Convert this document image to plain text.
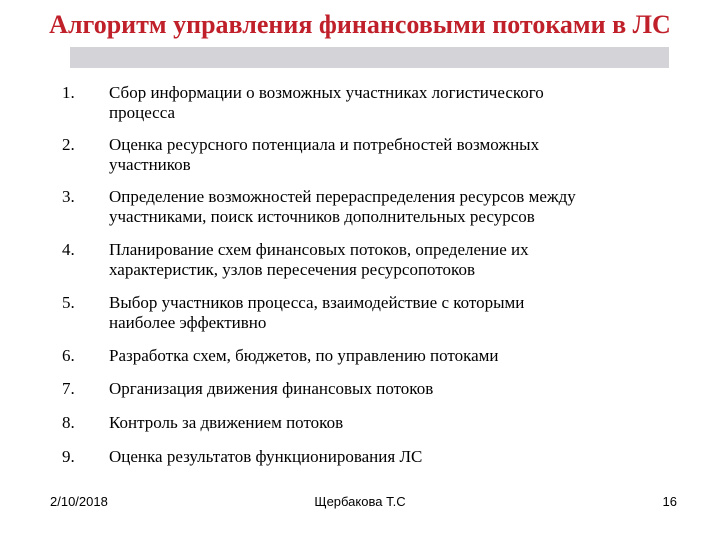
Алгоритм управления финансовыми потоками в ЛС
1. Сбор информации о возможных участниках логистического
процесса
2. Оценка ресурсного потенциала и потребностей возможных
участников
3. Определение возможностей перераспределения ресурсов между
участниками, поиск источников дополнительных ресурсов
4. Планирование схем финансовых потоков, определение их
характеристик, узлов пересечения ресурсопотоков
5. Выбор участников процесса, взаимодействие с которыми
наиболее эффективно
6. Разработка схем, бюджетов, по управлению потоками
7. Организация движения финансовых потоков
8. Контроль за движением потоков
9. Оценка результатов функционирования ЛС
2/10/2018	Щербакова Т.С	16
